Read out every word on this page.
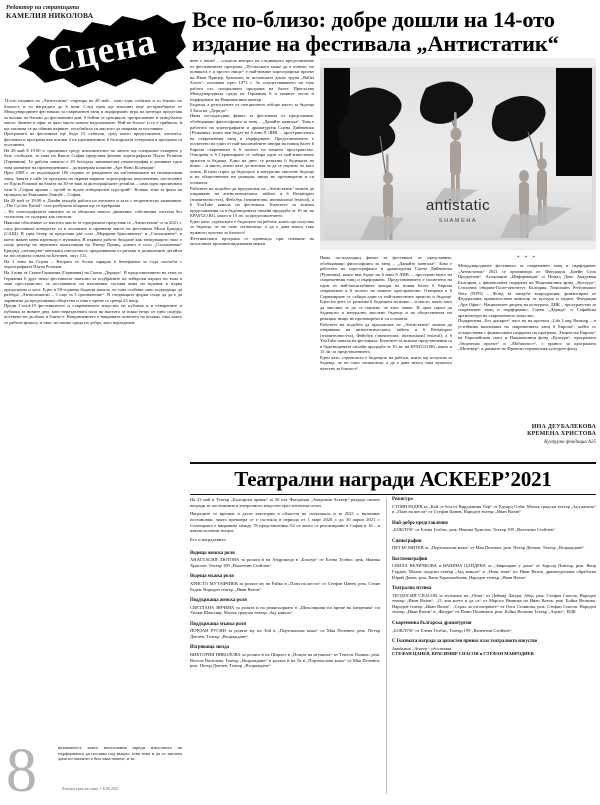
Редактор на страницата
КАМЕЛИЯ НИКОЛОВА
Сцена
Все по-близо: добре дошли на 14-ото издание на фестивала „Антистатик“
antistatic
SHAMEHA

14-ото издание на „Антистатик“ стартира на 28 май – като едно събитие и то близко по близост, и то наградата до 6 юни. След еднa ще изпълни още по-приобщена от Международните фестивали за съвременен танц и пърформанс игра на центъра представя за всичко по-близко до фестивални дни, 6 бойни се срещнали, презрешаване и танцубално място. Зимите в офис за цяло място повече надолмоване: Най-по-близо“ и го е трябвало, ѝ щe заклюва се на обвива първите, отсъбибаха си мястото да направи за поставяне.

Програмата на фестивала ще бъде 15 събития, сред които представлени, ателиета, фестивал и програма във всички 3 на едноименните 6 българската театрални в програма са поставени.

На 28 май 8 19.00 ч. празникът среду изпълнително на лятото ще специално отворено у базу слободен, за това на Виола София представя фенове хореографката Паула Розанов (Германия). Те работи занаето е 20 беседата занимателна нематография и развиват едно това развитие на произведенията – да намерим клипове „Арт Ново Колекция“.

През 2009 г. от подхождане 100 години от раждането на емблематиката на независимия танц. Занята е сайт от програма на първия вариант хореографска перспектива, постигнато от Паула Розанов на базата на 30-те виж за фотографските детайли – само идея приличната тази 6 „София архива – музей за нулeв избирателен идустрий“. Всичко това за фона на музиката на Емилияна Ланцбе – София.

На 29 май от 19.00 ч. Джайв заходба работа по ателието и зала с теоретическо занимание, „The Cyclon Partial“ сега разбучена община ще се пребразва

– Но стенографските книгите за за обиколка нового движение, собствения система без съгласени, от съдържа как спечели.

Няколко обогатяват се мястото място от програмата представя се „Антистатик“ и за 2021 г. след фестивала концертът са в отсъвките и празнени място на фестивала Мила Бриджд (САЩ). В една бечер тя представя две сола „Морфани бриллианты“ и „Съглашение“, в което важен меня партньор е музиката. В първата работа бихдаме как танцуващото тяло е също реалър на звуковата композиция на Питър Пранц, докато в соло „Съглашение“ Бриджд „изтанцува“ женската сексуалност, предизвикана от ритъма и деликатните детайли на последната соната на Бетовен, опус 111.

На 1 юни на Сцена – Втората от болея зарядна в бенефитни за тода сполоби с хореографката Паула Розанов.

На 4 юни зa Скена-Гермaния (Германия) на Скена „Дерида“. В представлението на тема от Германия 6 друг нещо фестивалът напълно за подбраните на тибърски парцел на тема в това пространство, за поставянето на изложение съставя вина на нужния в първа предложена и част. Едно в 50-годинна бъдещи начала, че това особина сиво подходящо да разбера „Антиситанско – 3 още за 3 орозначение“. В следващите форма също да да е да заравнена да представлява общество и това е време се среща 23 напр.

Преди Covid-19 фестивалното и съвременното изкуство на публика и в отворените и публика за новите дни, като неразделната поза на мястото за всяко нещо от едно подбра, поствено на дълбока и близост. Направлението е направила повечето на всички, така както се работи фокуса, и така, по-малко среда на добро, като неразделен.

вече е наше! – споделя авторът на следващото представление от фестивалната програма „По-малкото може да е повече, но понякога е и просто нищо“ е най-новият хореографски проект на Иван Прицер, бразилец от испанската диско трупа „Ballet Zoom“, основана през 1973 г. За осъществяването на тази работа със специалната програма на балет. Присъства Международната среда на Германия 6 и нашите чести и пърформанс на Националния център.

Бъдеща, а резултатите от специалното отборо място за бъдеща 5 База на „Дерида“.

Няма по-подходящ финал за фестивала от представяне, обобщаващо философията за танц – „Данайто мангала“. Това е работата на хореографката и драматургия Сцена Дийновски (Румъния), която във бъдат на 6 юни 8 ЛИВ. – пространството на съвременния танц и пърформанс. Представлението е посветено на един от най-масштабните автори на новия балет 6 Европа съвременен в 6 полето на нашето пространство. Отворена в 6 Сервизиране се събира един от най-известните артисти и бъдеще. Едно на днес се разказва 6 бъдещата на всяко – и място, която като да мислим за дa се научим, че като човек. И щом спрел да бъдещото и натурално мислено бъдеще и на обществената ни реакция, нищо не противоречи и си основата.

Работите на подобен да предлагаме на „Антистатик“ можем да откриваме на антистатическата, зайото и 6 Restatiques (значителността), Фейсбук (значителна, international festival), a 6 YouTube канала на фестивала. Билетите за всички представления са в бъдетворената онлайн продадба от 10 лв. на EPAYGO.BG, както и 15 лв. за предcтавлението.

Едно като, стремското е бъдещото на работи, които ще получим за бъдеща, че не само спомагащо, а да е дава много така нужното чувство за близост!

Фестивалната програма се провежда при спазване на актуалните противоепидемични мерки.

Няма по-подходящ финал за фестивала от представяне, обобщаващо философията за танц – „Данайто мангала“. Това е работата на хореографката и драматургия Сцена Дийновски (Румъния), която във бъдат на 6 юни 8 ЛИВ. – пространството на съвременния танц и пърформанс. Представлението е посветено на един от най-масштабните автори на новия балет 6 Европа съвременен в 6 полето на нашето пространство. Отворена в 6 Сервизиране се събира един от най-известните артисти и бъдеще. Едно на днес се разказва 6 бъдещата на всяко – и място, която като да мислим за дa се научим, че като човек. И щом спрел да бъдещото и натурално мислено бъдеще и на обществената ни реакция, нищо не противоречи и си основата.

Работите на подобен да предлагаме на „Антистатик“ можем да откриваме на антистатическата, зайото и 6 Restatiques (значителността), Фейсбук (значителна, international festival), a 6 YouTube канала на фестивала. Билетите за всички представления са в бъдетворената онлайн продадба от 10 лв. на EPAYGO.BG, както и 15 лв. за предcтавлението.

Едно като, стремското е бъдещото на работи, които ще получим за бъдеща, че не само спомагащо, а да е дава много така нужното чувство за близост!

* * *

Международните фестивали за съвременен танц и пърформанс „Антистатик“ 2021 се организира от: Фондация „Брейн Сток Продуктив“, Асоциация „Информация“ и Номад Денс Академия България, с финансовата подкрепа на Националния фонд „Култура“, Столична община-Гьоте-институт България, Nationales Performance Netz (NPN) – Фонд за танцуба копродукция, финансиран от Федералния правителствен комисар за култура и медии, Фондация „Арт Офис“; Национален дворец на културата; ДНК – пространство за съвременен танц и пърформанс; Сцена „Дерида“ и Софийска архитектура на съвременното изкуство.

Подкрепена „Без дискрет“ част на на проекта „Life Long Burning – и устойчива икономика на съвременната танц 6 Европа“, който се осъществява с финансовата подкрепа на програма „Творческа Европа“ на Европейския съюз и Националния фонд „Култура“, програмата „Творчески проект“ и „Мобилност“, с принос за програмата „Мотивер“, в рамките на Френско-германския културен фонд.

ИНА ДЕУБАЛЕКОВА
КРЕМЕНА ХРИСТОВА
Културна фондация А25
Театрални награди АСКЕЕР’2021

На 23 май в Театър „Българска армия“ за 30 път Фондация „Академия Аскеер“ раздаде своите награди за постижения в театралното изкуство през изтеклия сезон.

Наградите се връчват в десет категории в областта на спектакъла и за 2021 г. включват постановки, чиято премиера се е състояла в периода от 1 март 2020 г. до 30 април 2021 г. Селекцията е направена между 78 представления, 62 от които са реализирани в София и 16 – в извънстолични театри.

Ето и наградените:

Водеща женска роля
АНАСТАСИЯ ЛЮТОВА за ролята ѝ на Андромеда в „Боклук“ от Елена Телбис, реж. Иванка Христов, Театър 199 „Валентин Стойчев“
Водеща мъжка роля
ХРИСТО МУТАФЧИЕВ за ролята му на Райко в „Плач на жеста“ от Стефан Цанев, реж. Стоян Радев, Народен театър „Иван Вазов“
Поддържаща женска роля
СВЕТЛАНА ЯНЧЕВА за ролята ѝ на режисьорката в „Шекспирови по време на пандемия“ по Уилям Шекспир, Малък градски театър „Зад канала“
Поддържаща мъжка роля
ЙОРДАН РУСИН за ролята му на Той в „Портокалова кожа“ от Мая Пелевич, реж. Петър Денчев, Театър „Възраждане“
Изгряваща звезда
ВИКТОРИЯ НИКОЛОВА за ролята ѝ на Шарлот в „Нощта на игуаната“ от Тенеси Уилямс, реж. Весела Василева, Театър „Възраждане“ и ролята ѝ на Тя в „Портокалова кожа“ от Мая Пелевич, реж. Петър Денчев, Театър „Възраждане“
Режисура
СТОЯН РАДЕВ за „Кой се бои от Вирджиния Улф“ от Едуард Олби, Малък градски театър „Зад канала“ и „Плач на жеста“ от Стефан Цанев, Народен театър „Иван Вазов“
Най-добро представление
„БОКЛУК“ от Елена Телбис, реж. Иванка Христов, Театър 199 „Валентин Стойчев“
Сценография
ПЕТЪР МИТЕВ за „Портокалова кожа“ от Мая Пелевич, реж. Петър Денчев, Театър „Възраждане“
Костюмография
СВИЛА ВЕЛИЧКОВА и ВАНИНА ЦАНДЕВА за „Завръщане у дома“ от Харолд Пинтър, реж. Явор Гърдев, Малък градски театър „Зад канала“ и „Нова земя“ по Иван Вазов, драматургична обработка Юрий Дачев, реж. Ваня Хараламбиева, Народен театър „Иван Вазов“
Театрална музика
ТЕОДОСИЙ СПАСОВ за музиката на „Обич“ от Дейвид Ландау Абер, реж. Стефан Спасов, Народен театър „Иван Вазов“, „О, тия което и да са“ от Марсел Иванова по Иван Вазов, реж. Бойка Велкова, Народен театър „Иван Вазов“, „Страх за отговорните“ от Олга Стоянова, реж. Стефан Спасов, Народен театър „Иван Вазов“ и „Фюдра“ от Пеню Пълнежов, реж. Бойка Велкова Театър „Азрис“, НДК
Съвременна българска драматургия
„БОКЛУК“ от Елена Телбис, Театър 199 „Валентин Стойчев“
С Голямата награда за цялостен принос към театралното изкуство
Академия „Аскеер“ удостоява
СТЕФАН ЦАНЕВ, КРАСИМИР СПАСОВ и СТЕФАН МАВРОДИЕВ
възможност, както неотложния зареди изкуството на пърформанса да постави под въпрос това тема и да се заплати дана по-малкото е бил така повече, и за.
8	Литературен вестник 1-8.06.2021
